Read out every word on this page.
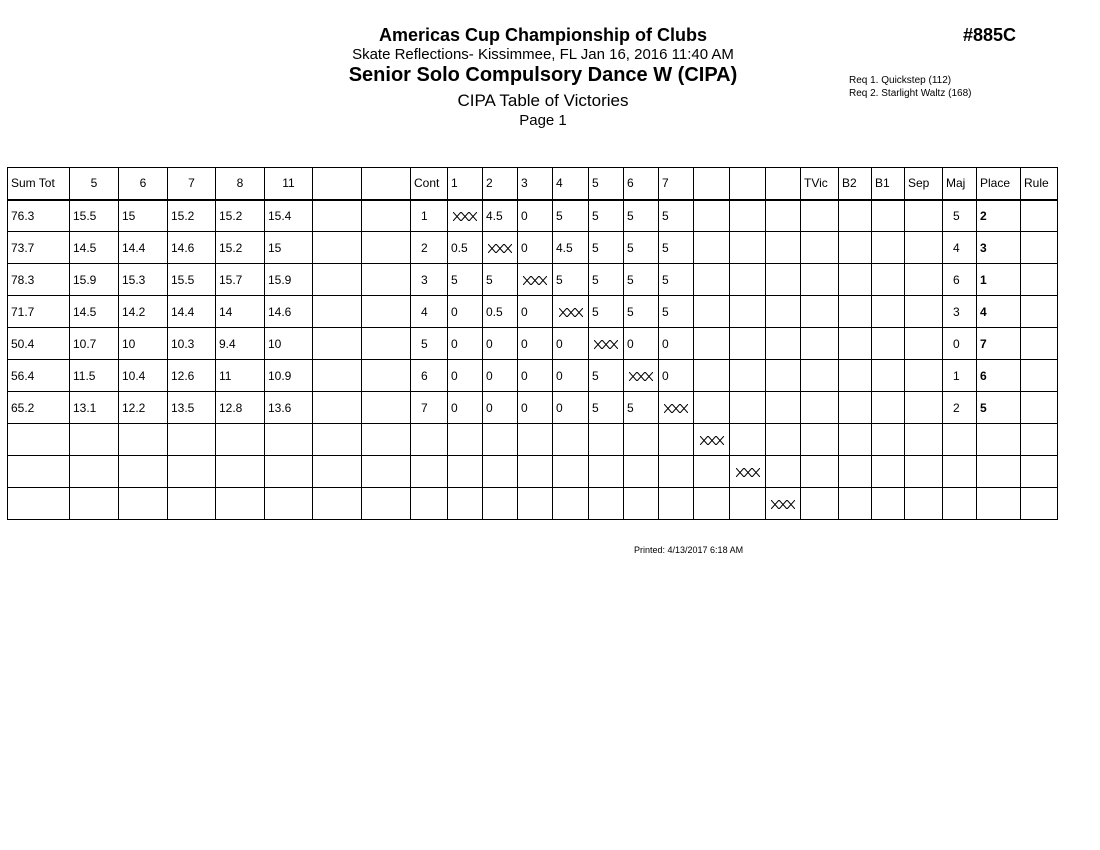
Americas Cup Championship of Clubs
Skate Reflections- Kissimmee, FL Jan 16, 2016 11:40 AM
Senior Solo Compulsory Dance W (CIPA)
CIPA Table of Victories
Page 1
#885C
Req 1. Quickstep (112)
Req 2. Starlight Waltz (168)
Sum Tot	5	6	7	8	11			Cont	1	2	3	4	5	6	7				TVic	B2	B1	Sep	Maj	Place	Rule
76.3	15.5	15	15.2	15.2	15.4			1		4.5	0	5	5	5	5								5	2	
73.7	14.5	14.4	14.6	15.2	15			2	0.5		0	4.5	5	5	5								4	3	
78.3	15.9	15.3	15.5	15.7	15.9			3	5	5		5	5	5	5								6	1	
71.7	14.5	14.2	14.4	14	14.6			4	0	0.5	0		5	5	5								3	4	
50.4	10.7	10	10.3	9.4	10			5	0	0	0	0		0	0								0	7	
56.4	11.5	10.4	12.6	11	10.9			6	0	0	0	0	5		0								1	6	
65.2	13.1	12.2	13.5	12.8	13.6			7	0	0	0	0	5	5									2	5	

Printed: 4/13/2017 6:18 AM
